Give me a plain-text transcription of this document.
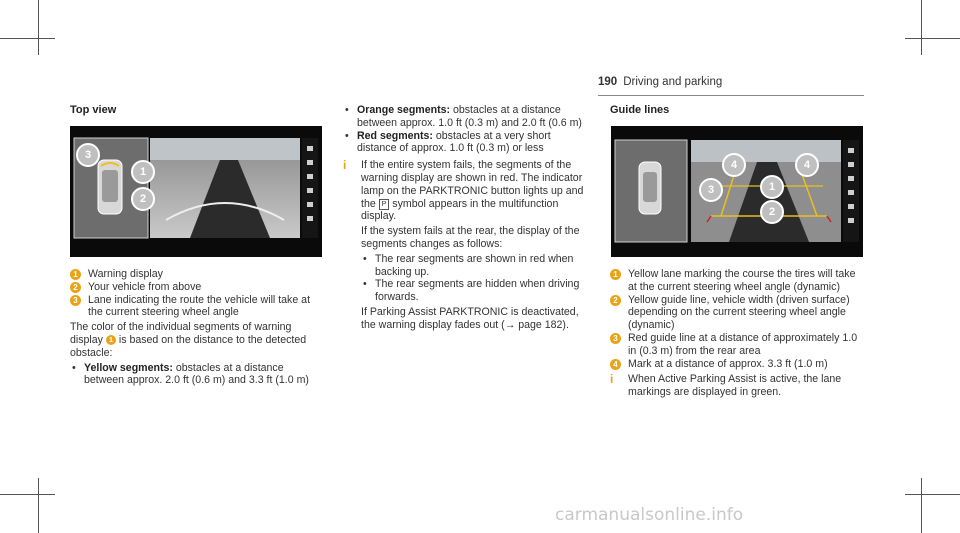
190 Driving and parking
Top view
3
1
2
1 Warning display
2 Your vehicle from above
3 Lane indicating the route the vehicle will take at the current steering wheel angle
The color of the individual segments of warning display 1 is based on the distance to the detected obstacle:
• Yellow segments: obstacles at a distance between approx. 2.0 ft (0.6 m) and 3.3 ft (1.0 m)
• Orange segments: obstacles at a distance between approx. 1.0 ft (0.3 m) and 2.0 ft (0.6 m)
• Red segments: obstacles at a very short distance of approx. 1.0 ft (0.3 m) or less
i If the entire system fails, the segments of the warning display are shown in red. The indicator lamp on the PARKTRONIC button lights up and the P symbol appears in the multifunction display.
If the system fails at the rear, the display of the segments changes as follows:
• The rear segments are shown in red when backing up.
• The rear segments are hidden when driving forwards.
If Parking Assist PARKTRONIC is deactivated, the warning display fades out (→ page 182).
Guide lines
4	4
3	1
2
1 Yellow lane marking the course the tires will take at the current steering wheel angle (dynamic)
2 Yellow guide line, vehicle width (driven surface) depending on the current steering wheel angle (dynamic)
3 Red guide line at a distance of approximately 1.0 in (0.3 m) from the rear area
4 Mark at a distance of approx. 3.3 ft (1.0 m)
i When Active Parking Assist is active, the lane markings are displayed in green.
carmanualsonline.info
